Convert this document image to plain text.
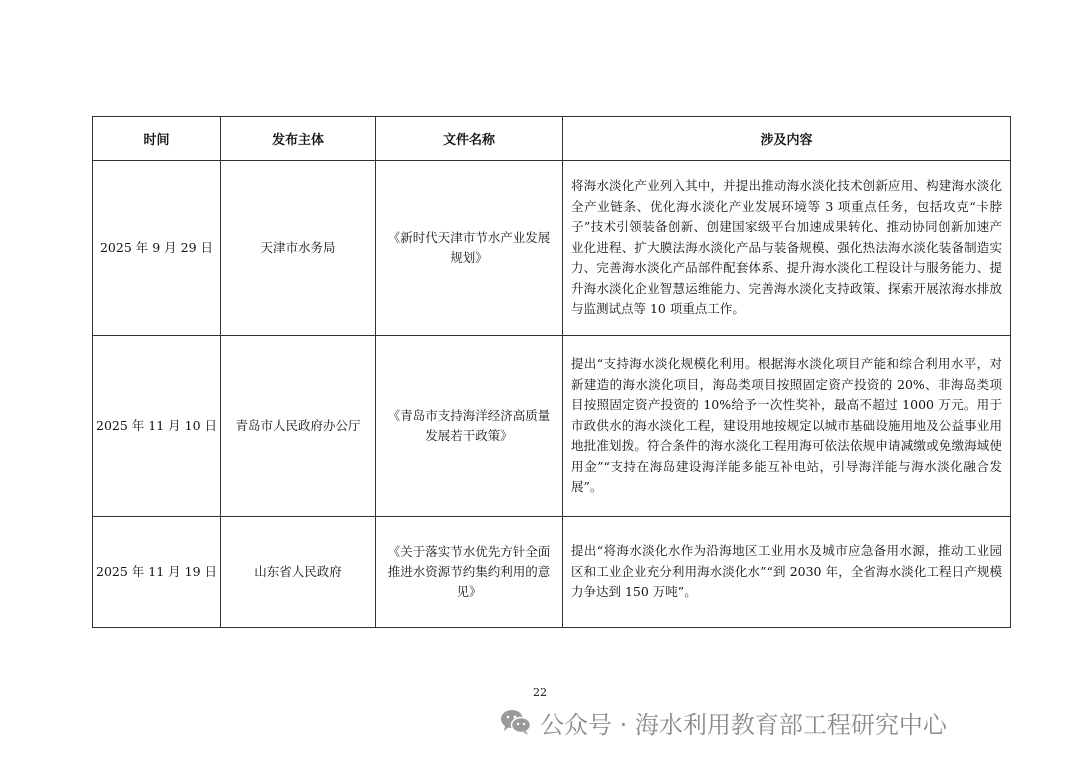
时间	发布主体	文件名称	涉及内容
2025 年 9 月 29 日	天津市水务局	《新时代天津市节水产业发展规划》	将海水淡化产业列入其中，并提出推动海水淡化技术创新应用、构建海水淡化全产业链条、优化海水淡化产业发展环境等 3 项重点任务，包括攻克“卡脖子”技术引领装备创新、创建国家级平台加速成果转化、推动协同创新加速产业化进程、扩大膜法海水淡化产品与装备规模、强化热法海水淡化装备制造实力、完善海水淡化产品部件配套体系、提升海水淡化工程设计与服务能力、提升海水淡化企业智慧运维能力、完善海水淡化支持政策、探索开展浓海水排放与监测试点等 10 项重点工作。
2025 年 11 月 10 日	青岛市人民政府办公厅	《青岛市支持海洋经济高质量发展若干政策》	提出“支持海水淡化规模化利用。根据海水淡化项目产能和综合利用水平，对新建造的海水淡化项目，海岛类项目按照固定资产投资的 20%、非海岛类项目按照固定资产投资的 10%给予一次性奖补，最高不超过 1000 万元。用于市政供水的海水淡化工程，建设用地按规定以城市基础设施用地及公益事业用地批准划拨。符合条件的海水淡化工程用海可依法依规申请减缴或免缴海域使用金”“支持在海岛建设海洋能多能互补电站，引导海洋能与海水淡化融合发展”。
2025 年 11 月 19 日	山东省人民政府	《关于落实节水优先方针全面推进水资源节约集约利用的意见》	提出“将海水淡化水作为沿海地区工业用水及城市应急备用水源，推动工业园区和工业企业充分利用海水淡化水”“到 2030 年，全省海水淡化工程日产规模力争达到 150 万吨”。
22
公众号 · 海水利用教育部工程研究中心
